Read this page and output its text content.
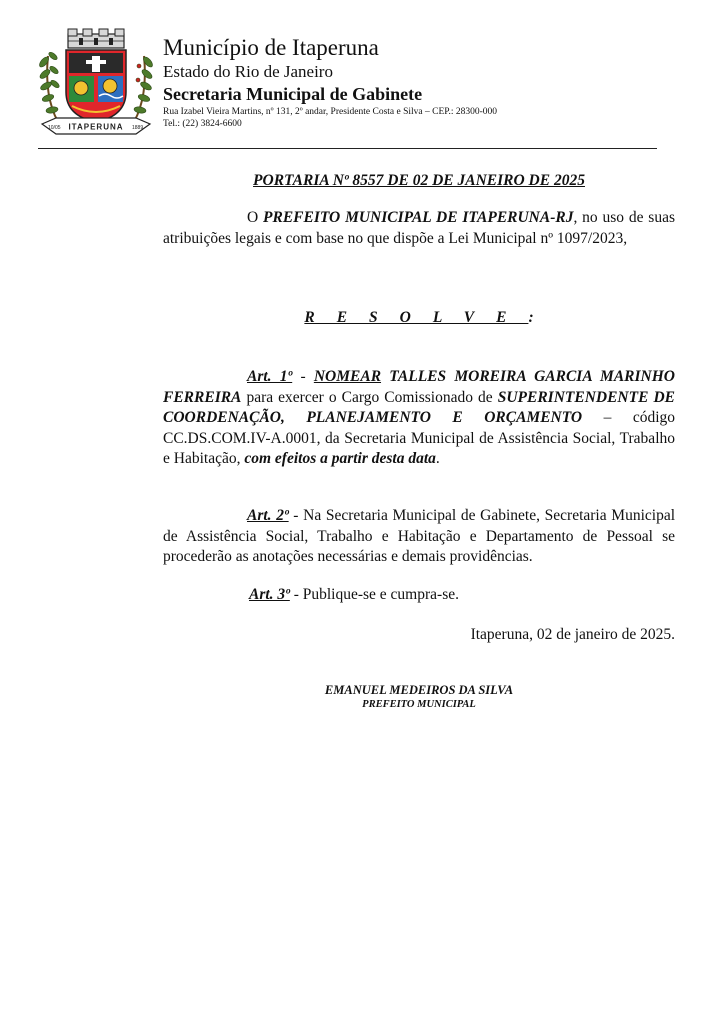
10/05 ITAPERUNA 1889
Município de Itaperuna
Estado do Rio de Janeiro
Secretaria Municipal de Gabinete
Rua Izabel Vieira Martins, nº 131, 2º andar, Presidente Costa e Silva – CEP.: 28300-000
Tel.: (22) 3824-6600
PORTARIA Nº 8557 DE 02 DE JANEIRO DE 2025
O PREFEITO MUNICIPAL DE ITAPERUNA-RJ, no uso de suas atribuições legais e com base no que dispõe a Lei Municipal nº 1097/2023,
RESOLVE:
Art. 1º - NOMEAR TALLES MOREIRA GARCIA MARINHO FERREIRA para exercer o Cargo Comissionado de SUPERINTENDENTE DE COORDENAÇÃO, PLANEJAMENTO E ORÇAMENTO – código CC.DS.COM.IV-A.0001, da Secretaria Municipal de Assistência Social, Trabalho e Habitação, com efeitos a partir desta data.
Art. 2º - Na Secretaria Municipal de Gabinete, Secretaria Municipal de Assistência Social, Trabalho e Habitação e Departamento de Pessoal se procederão as anotações necessárias e demais providências.
Art. 3º - Publique-se e cumpra-se.
Itaperuna, 02 de janeiro de 2025.
EMANUEL MEDEIROS DA SILVA
PREFEITO MUNICIPAL
